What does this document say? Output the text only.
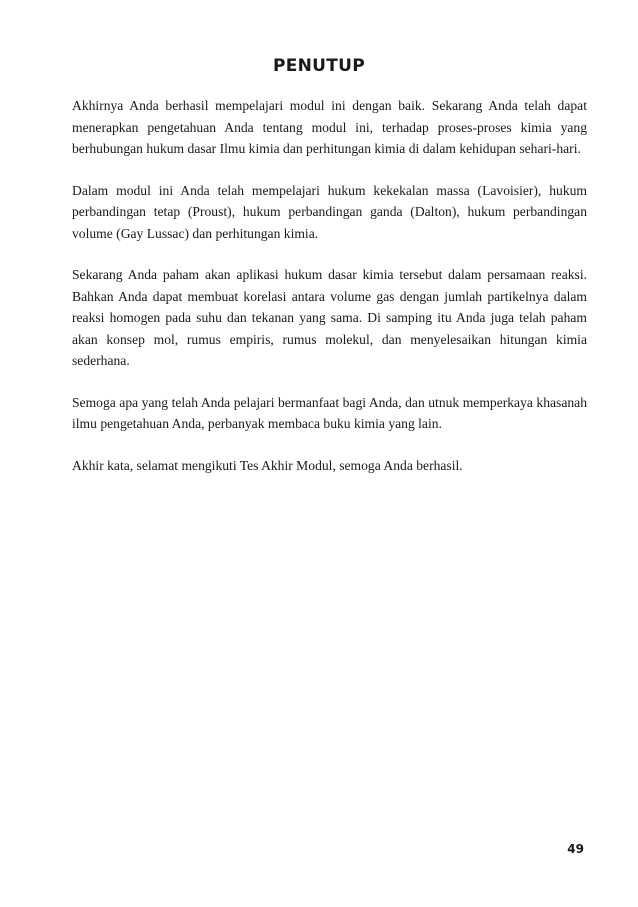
PENUTUP

Akhirnya Anda berhasil mempelajari modul ini dengan baik. Sekarang Anda telah dapat menerapkan pengetahuan Anda tentang modul ini, terhadap proses-proses kimia yang berhubungan hukum dasar Ilmu kimia dan perhitungan kimia di dalam kehidupan sehari-hari.

Dalam modul ini Anda telah mempelajari hukum kekekalan massa (Lavoisier), hukum perbandingan tetap (Proust), hukum perbandingan ganda (Dalton), hukum perbandingan volume (Gay Lussac) dan perhitungan kimia.

Sekarang Anda paham akan aplikasi hukum dasar kimia tersebut dalam persamaan reaksi. Bahkan Anda dapat membuat korelasi antara volume gas dengan jumlah partikelnya dalam reaksi homogen pada suhu dan tekanan yang sama. Di samping itu Anda juga telah paham akan konsep mol, rumus empiris, rumus molekul, dan menyelesaikan hitungan kimia sederhana.

Semoga apa yang telah Anda pelajari bermanfaat bagi Anda, dan utnuk memperkaya khasanah ilmu pengetahuan Anda, perbanyak membaca buku kimia yang lain.

Akhir kata, selamat mengikuti Tes Akhir Modul, semoga Anda berhasil.

49
